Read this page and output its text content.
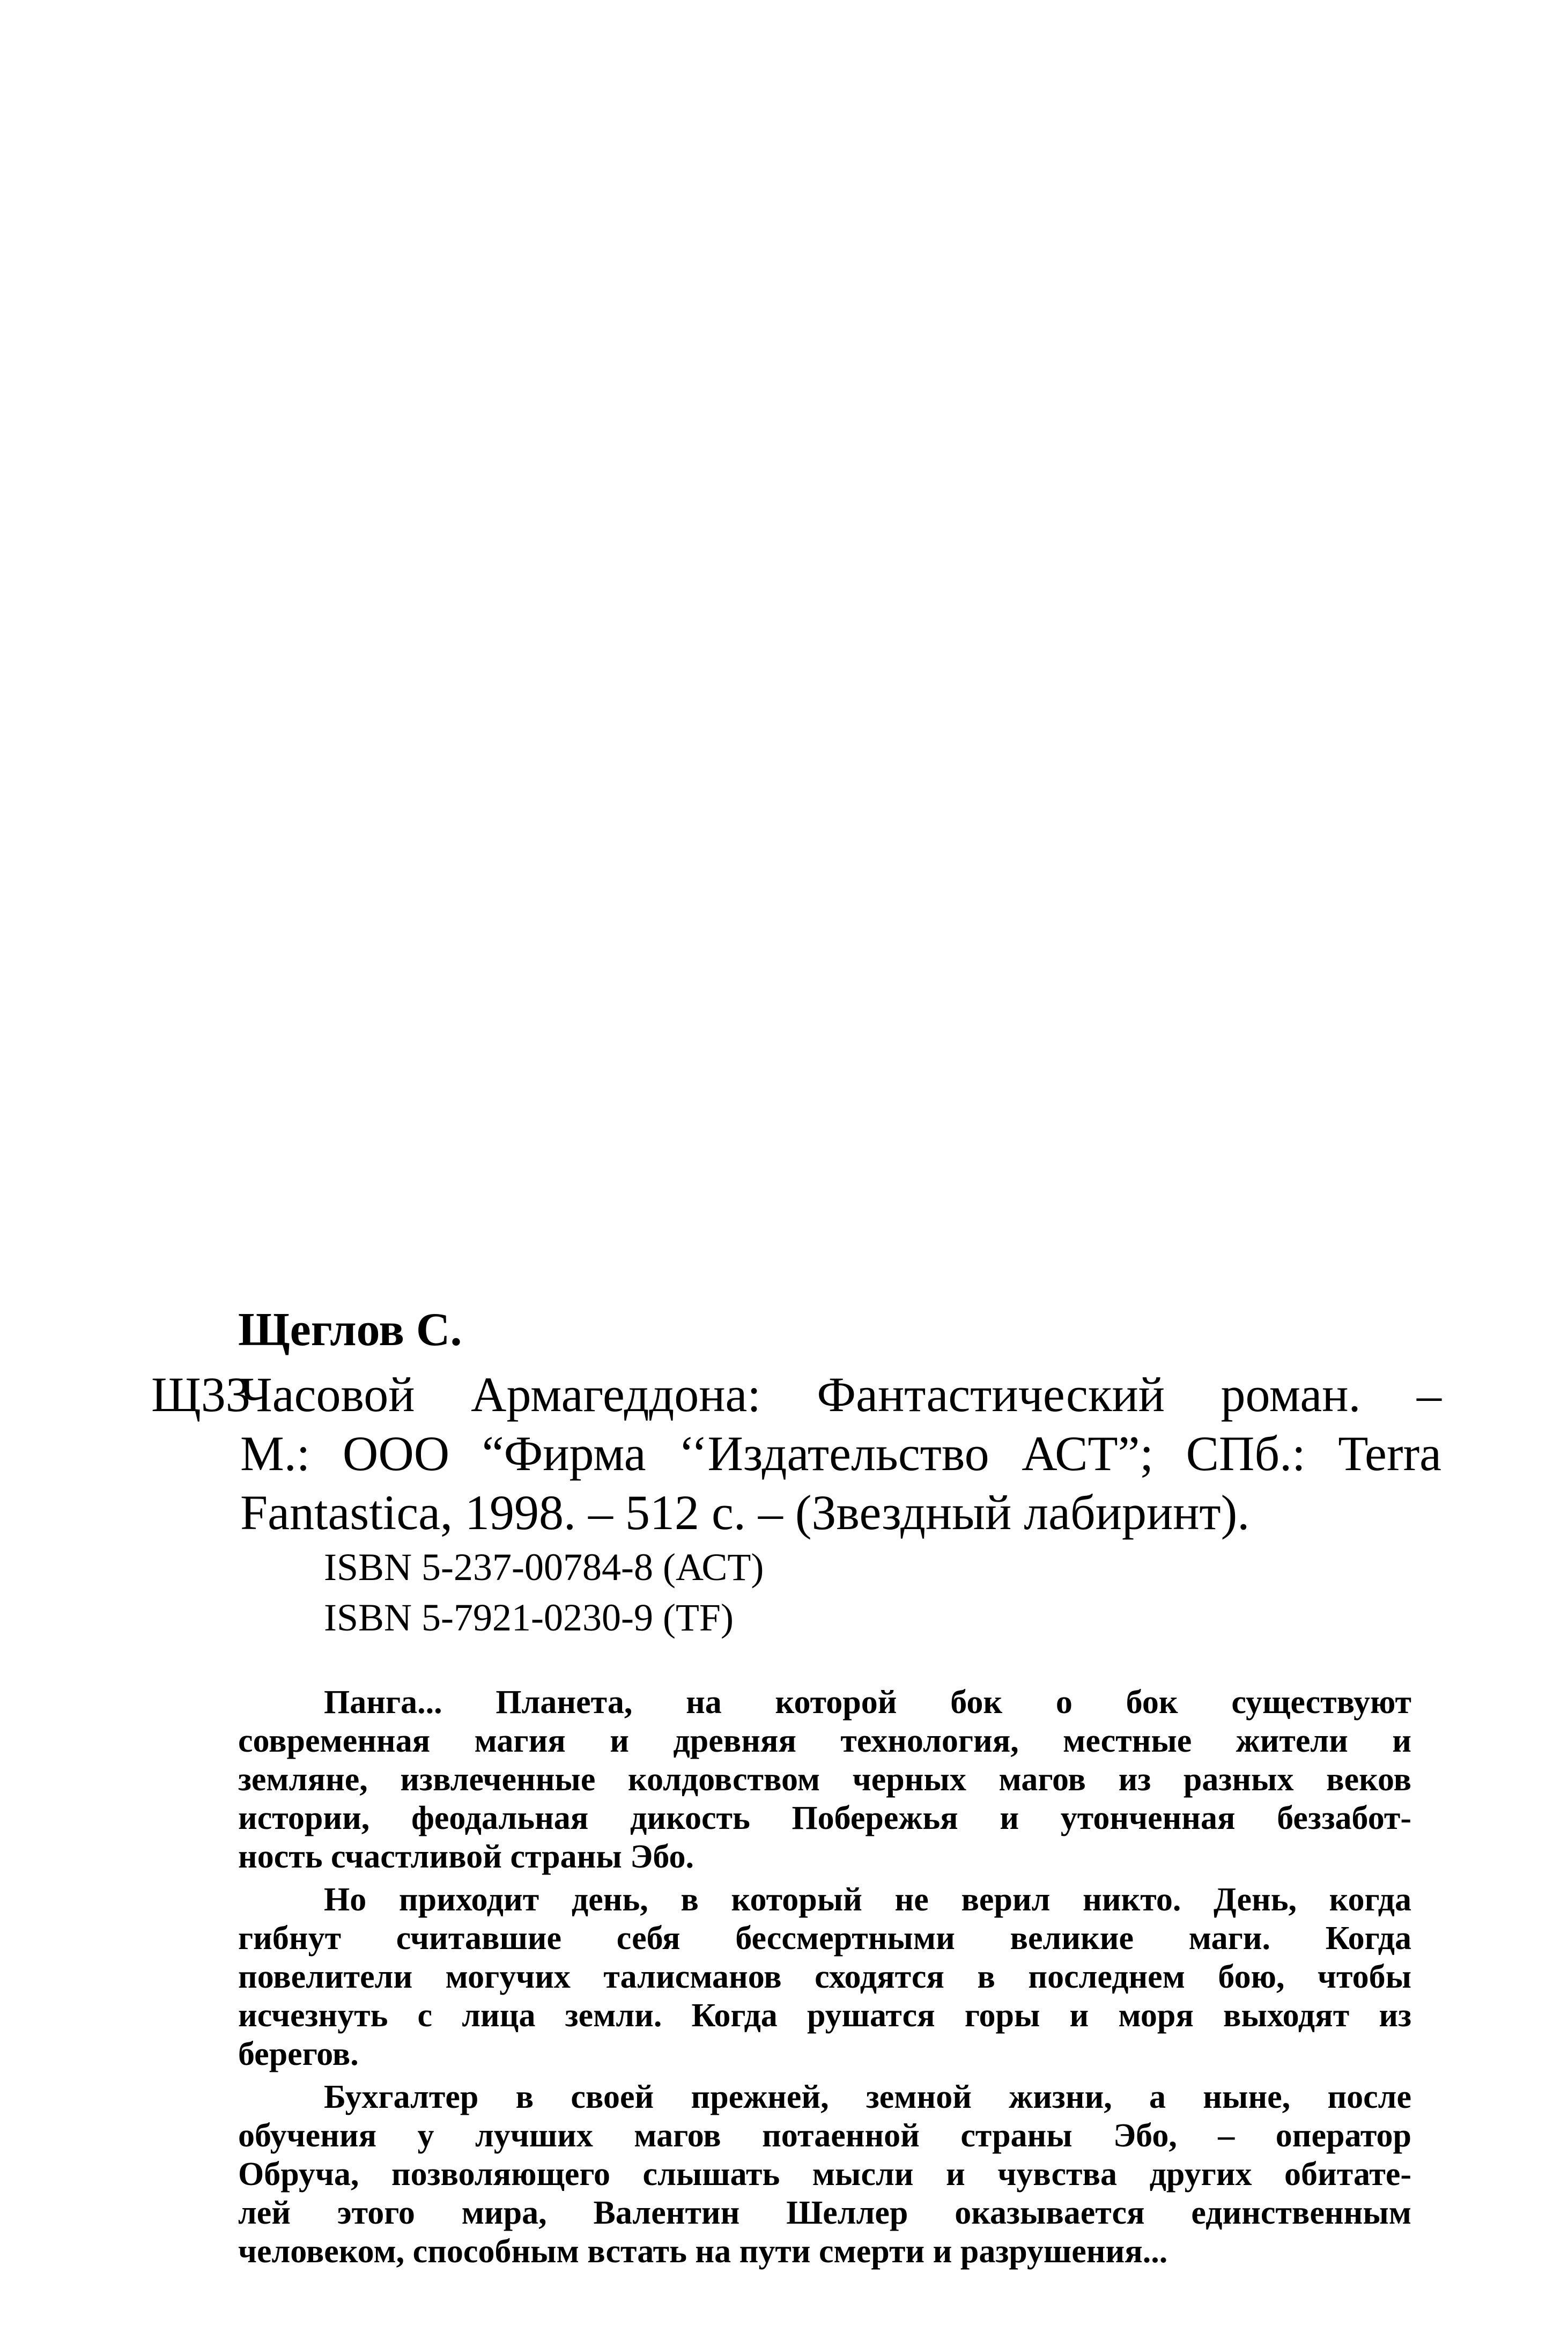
Щеглов С.
Щ33
Часовой Армагеддона: Фантастический роман. –
М.: ООО “Фирма ‘‘Издательство АСТ”; СПб.: Terra
Fantastica, 1998. – 512 с. – (Звездный лабиринт).
ISBN 5-237-00784-8 (АСТ)
ISBN 5-7921-0230-9 (TF)
Панга... Планета, на которой бок о бок существуют
современная магия и древняя технология, местные жители и
земляне, извлеченные колдовством черных магов из разных веков
истории, феодальная дикость Побережья и утонченная беззабот-
ность счастливой страны Эбо.
Но приходит день, в который не верил никто. День, когда
гибнут считавшие себя бессмертными великие маги. Когда
повелители могучих талисманов сходятся в последнем бою, чтобы
исчезнуть с лица земли. Когда рушатся горы и моря выходят из
берегов.
Бухгалтер в своей прежней, земной жизни, а ныне, после
обучения у лучших магов потаенной страны Эбо, – оператор
Обруча, позволяющего слышать мысли и чувства других обитате-
лей этого мира, Валентин Шеллер оказывается единственным
человеком, способным встать на пути смерти и разрушения...
